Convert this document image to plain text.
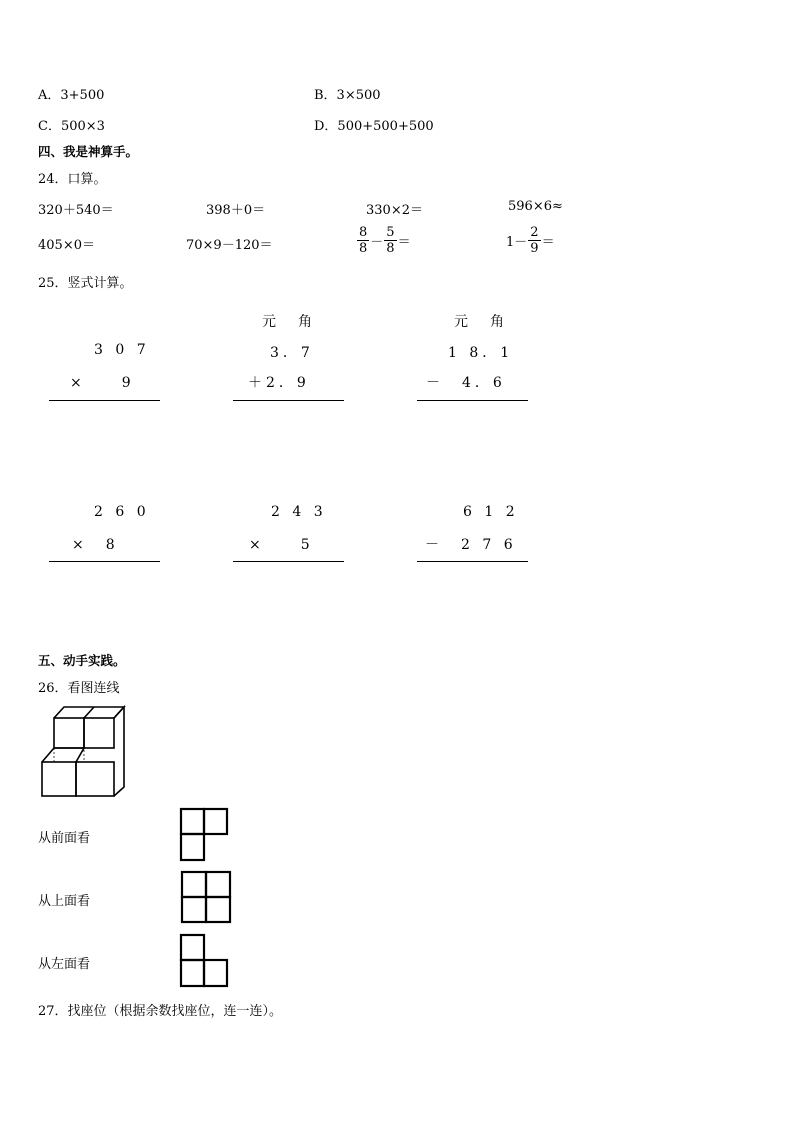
A．3+500	B．3×500
C．500×3	D．500+500+500
四、我是神算手。
24．口算。
320＋540＝	398＋0＝	330×2＝	596×6≈
405×0＝	70×9－120＝	$\frac{8}{8} - \frac{5}{8}$ ＝	$1- \frac{2}{9}$ ＝
25．竖式计算。
元　角	元　角
3 0 7
×　　9
3．7
＋2．9
1 8．1
－　4．6
2 6 0
×　8
2 4 3
×　　5
6 1 2
－　2 7 6
五、动手实践。
26．看图连线
从前面看
从上面看
从左面看
27．找座位（根据余数找座位，连一连）。
